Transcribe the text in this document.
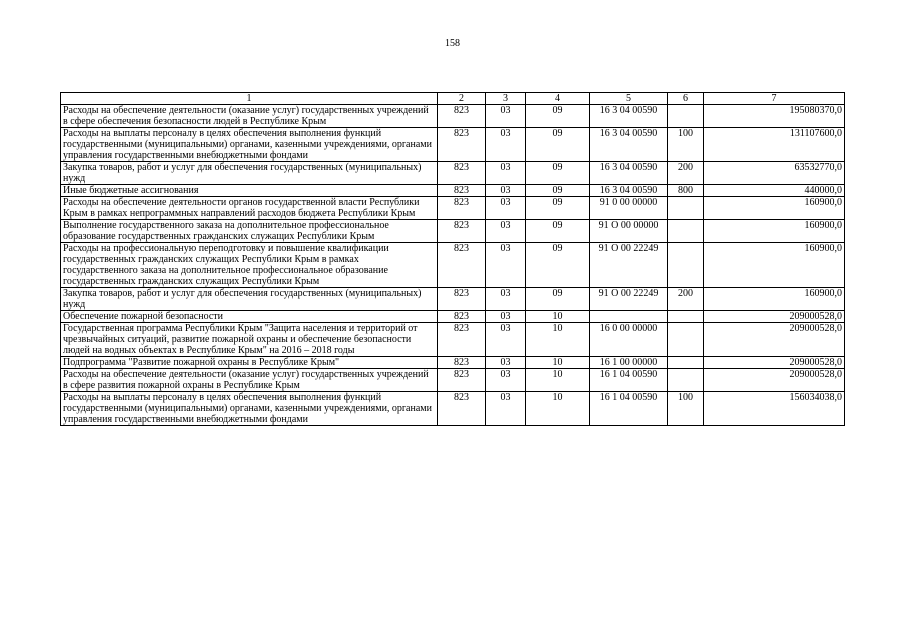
158
1	2	3	4	5	6	7
Расходы на обеспечение деятельности (оказание услуг) государственных учреждений в сфере обеспечения безопасности людей в Республике Крым	823	03	09	16 3 04 00590		195080370,0
Расходы на выплаты персоналу в целях обеспечения выполнения функций государственными (муниципальными) органами, казенными учреждениями, органами управления государственными внебюджетными фондами	823	03	09	16 3 04 00590	100	131107600,0
Закупка товаров, работ и услуг для обеспечения государственных (муниципальных) нужд	823	03	09	16 3 04 00590	200	63532770,0
Иные бюджетные ассигнования	823	03	09	16 3 04 00590	800	440000,0
Расходы на обеспечение деятельности органов государственной власти Республики Крым в рамках непрограммных направлений расходов бюджета Республики Крым	823	03	09	91 0 00 00000		160900,0
Выполнение государственного заказа на дополнительное профессиональное образование государственных гражданских служащих Республики Крым	823	03	09	91 О 00 00000		160900,0
Расходы на профессиональную переподготовку и повышение квалификации государственных гражданских служащих Республики Крым в рамках государственного заказа на дополнительное профессиональное образование государственных гражданских служащих Республики Крым	823	03	09	91 О 00 22249		160900,0
Закупка товаров, работ и услуг для обеспечения государственных (муниципальных) нужд	823	03	09	91 О 00 22249	200	160900,0
Обеспечение пожарной безопасности	823	03	10			209000528,0
Государственная программа Республики Крым "Защита населения и территорий от чрезвычайных ситуаций, развитие пожарной охраны и обеспечение безопасности людей на водных объектах в Республике Крым" на 2016 – 2018 годы	823	03	10	16 0 00 00000		209000528,0
Подпрограмма "Развитие пожарной охраны в Республике Крым"	823	03	10	16 1 00 00000		209000528,0
Расходы на обеспечение деятельности (оказание услуг) государственных учреждений в сфере развития пожарной охраны в Республике Крым	823	03	10	16 1 04 00590		209000528,0
Расходы на выплаты персоналу в целях обеспечения выполнения функций государственными (муниципальными) органами, казенными учреждениями, органами управления государственными внебюджетными фондами	823	03	10	16 1 04 00590	100	156034038,0
